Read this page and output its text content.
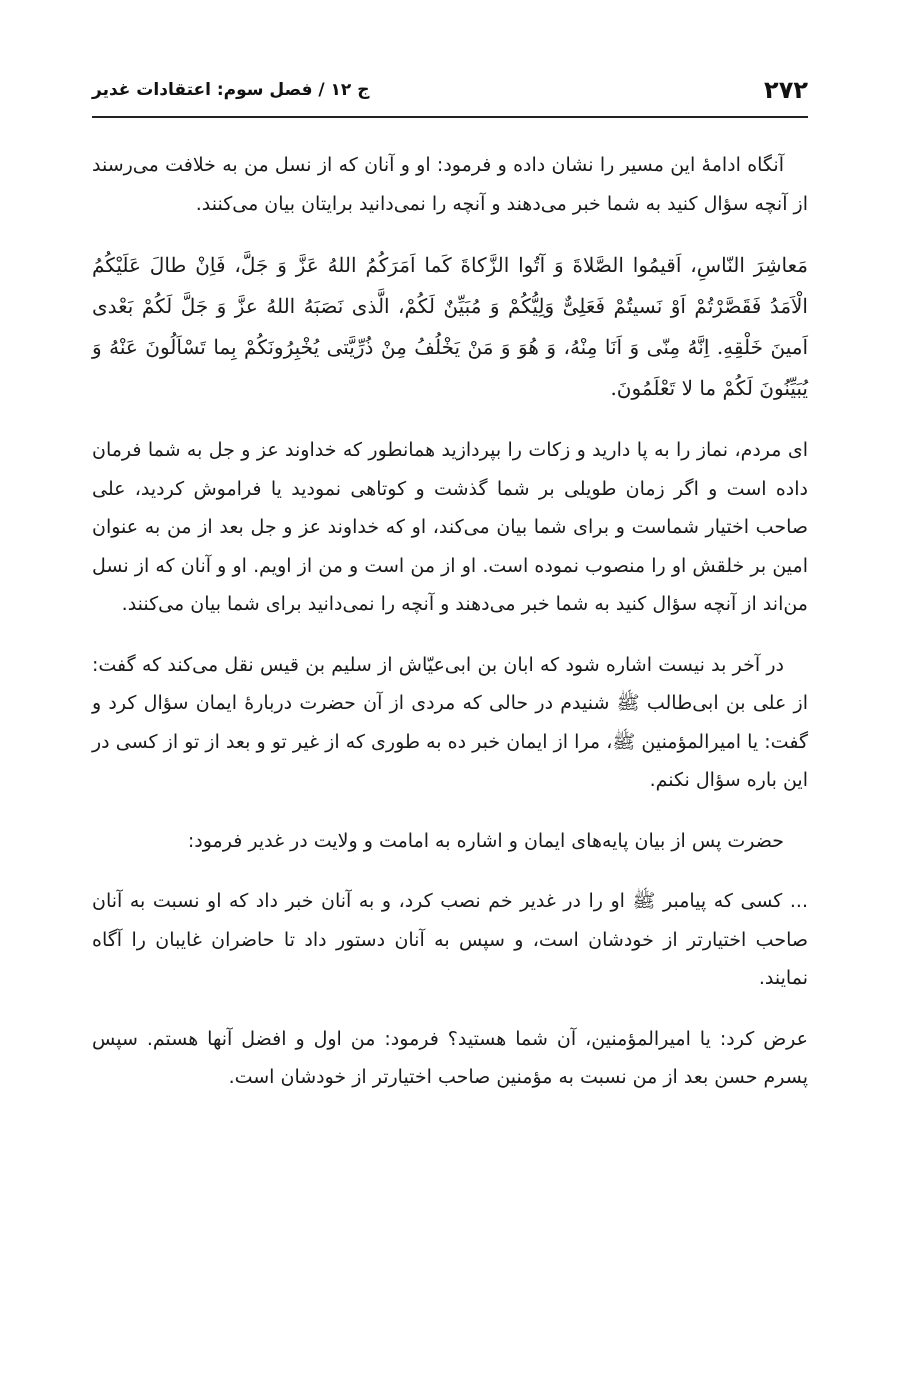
۲۷۲
ج ۱۲ / فصل سوم: اعتقادات غدیر

آنگاه ادامهٔ این مسیر را نشان داده و فرمود: او و آنان که از نسل من به خلافت می‌رسند از آنچه سؤال کنید به شما خبر می‌دهند و آنچه را نمی‌دانید برایتان بیان می‌کنند.

مَعاشِرَ النّاسِ، اَقیمُوا الصَّلاةَ وَ آتُوا الزَّکاةَ کَما اَمَرَکُمُ اللهُ عَزَّ وَ جَلَّ، فَاِنْ طالَ عَلَیْکُمُ الْاَمَدُ فَقَصَّرْتُمْ اَوْ نَسیتُمْ فَعَلِیٌّ وَلِیُّکُمْ وَ مُبَیِّنٌ لَکُمْ، الَّذی نَصَبَهُ اللهُ عزَّ وَ جَلَّ لَکُمْ بَعْدی اَمینَ خَلْقِهِ. اِنَّهُ مِنّی وَ اَنَا مِنْهُ، وَ هُوَ وَ مَنْ یَخْلُفُ مِنْ ذُرِّیَّتی یُخْبِرُونَکُمْ بِما تَسْاَلُونَ عَنْهُ وَ یُبَیِّنُونَ لَکُمْ ما لا تَعْلَمُونَ.

ای مردم، نماز را به پا دارید و زکات را بپردازید همانطور که خداوند عز و جل به شما فرمان داده است و اگر زمان طویلی بر شما گذشت و کوتاهی نمودید یا فراموش کردید، علی صاحب اختیار شماست و برای شما بیان می‌کند، او که خداوند عز و جل بعد از من به عنوان امین بر خلقش او را منصوب نموده است. او از من است و من از اویم. او و آنان که از نسل من‌اند از آنچه سؤال کنید به شما خبر می‌دهند و آنچه را نمی‌دانید برای شما بیان می‌کنند.

در آخر بد نیست اشاره شود که ابان بن ابی‌عیّاش از سلیم بن قیس نقل می‌کند که گفت: از علی بن ابی‌طالب ﷺ شنیدم در حالی که مردی از آن حضرت دربارهٔ ایمان سؤال کرد و گفت: یا امیرالمؤمنین ﷺ، مرا از ایمان خبر ده به طوری که از غیر تو و بعد از تو از کسی در این باره سؤال نکنم.

حضرت پس از بیان پایه‌های ایمان و اشاره به امامت و ولایت در غدیر فرمود:

... کسی که پیامبر ﷺ او را در غدیر خم نصب کرد، و به آنان خبر داد که او نسبت به آنان صاحب اختیارتر از خودشان است، و سپس به آنان دستور داد تا حاضران غایبان را آگاه نمایند.

عرض کرد: یا امیرالمؤمنین، آن شما هستید؟ فرمود: من اول و افضل آنها هستم. سپس پسرم حسن بعد از من نسبت به مؤمنین صاحب اختیارتر از خودشان است.
